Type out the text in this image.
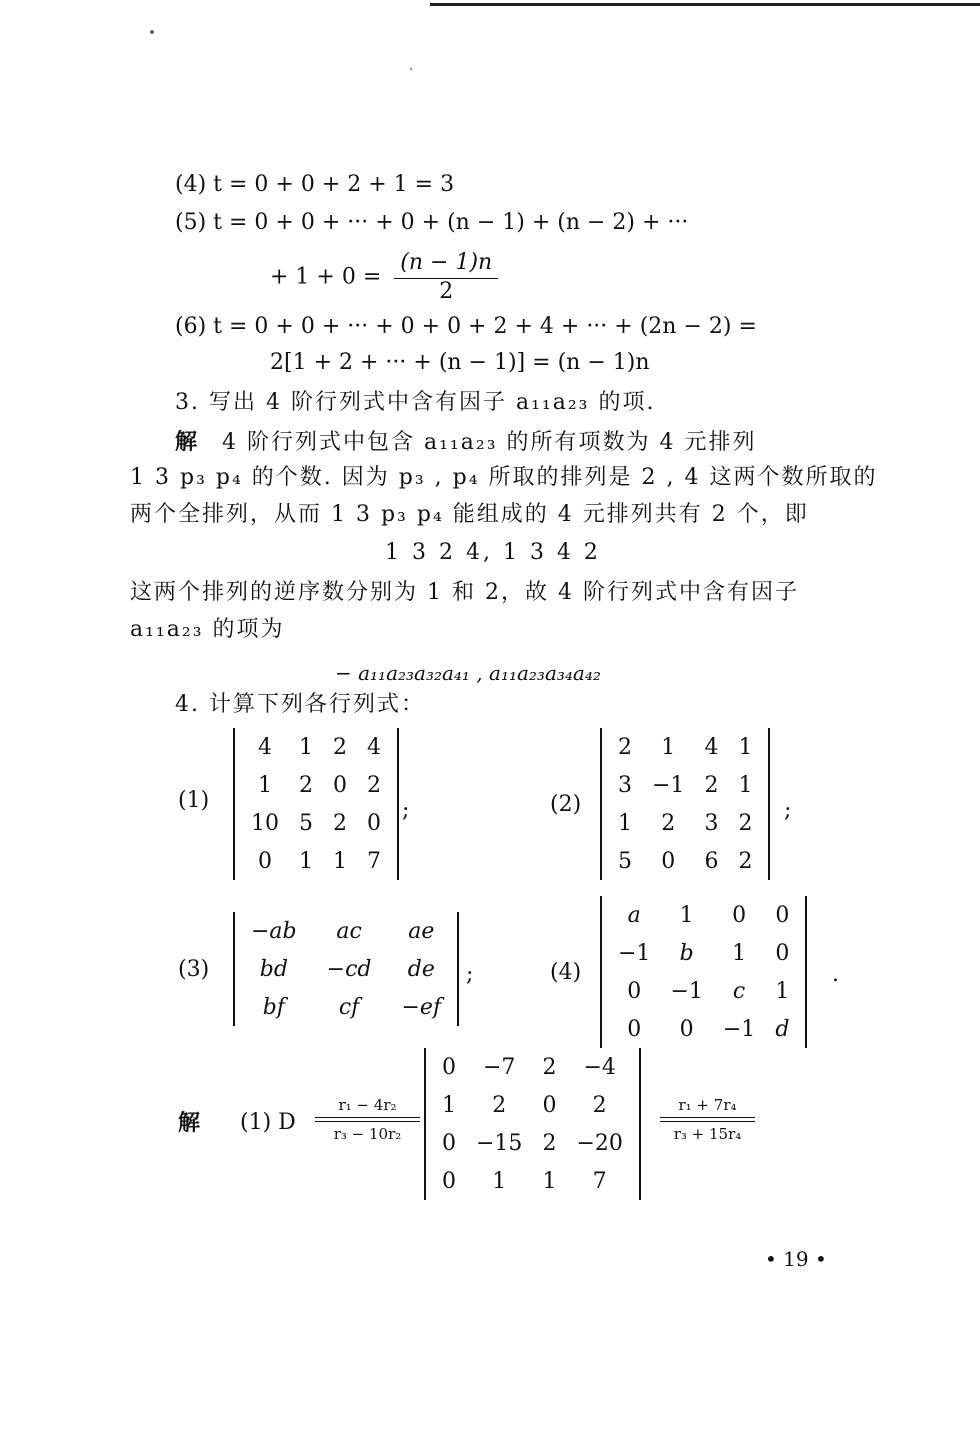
(4) t = 0 + 0 + 2 + 1 = 3
(5) t = 0 + 0 + ··· + 0 + (n − 1) + (n − 2) + ···
+ $1 + 0 = \frac{(n - 1)n}{2}$
(6) t = 0 + 0 + ··· + 0 + 0 + 2 + 4 + ··· + (2n − 2) =
2[1 + 2 + ··· + (n − 1)] = (n − 1)n
3. 写出 4 阶行列式中含有因子 a₁₁a₂₃ 的项.
解 4 阶行列式中包含 a₁₁a₂₃ 的所有项数为 4 元排列
1 3 p₃ p₄ 的个数. 因为 p₃ , p₄ 所取的排列是 2 , 4 这两个数所取的
两个全排列，从而 1 3 p₃ p₄ 能组成的 4 元排列共有 2 个，即
1 3 2 4, 1 3 4 2
这两个排列的逆序数分别为 1 和 2，故 4 阶行列式中含有因子
a₁₁a₂₃ 的项为
− a₁₁a₂₃a₃₂a₄₁ , a₁₁a₂₃a₃₄a₄₂
4. 计算下列各行列式：
(1)
4	1	2	4
1	2	0	2
10	5	2	0
0	1	1	7
;	(2)
2	1	4	1
3	−1	2	1
1	2	3	2
5	0	6	2
;
(3)
−ab	ac	ae
bd	−cd	de
bf	cf	−ef
;	(4)
a	1	0	0
−1	b	1	0
0	−1	c	1
0	0	−1	d
.
解 (1) D
r₁ − 4r₂
r₃ − 10r₂
0	−7	2	−4
1	2	0	2
0	−15	2	−20
0	1	1	7
r₁ + 7r₄
r₃ + 15r₄
• 19 •
